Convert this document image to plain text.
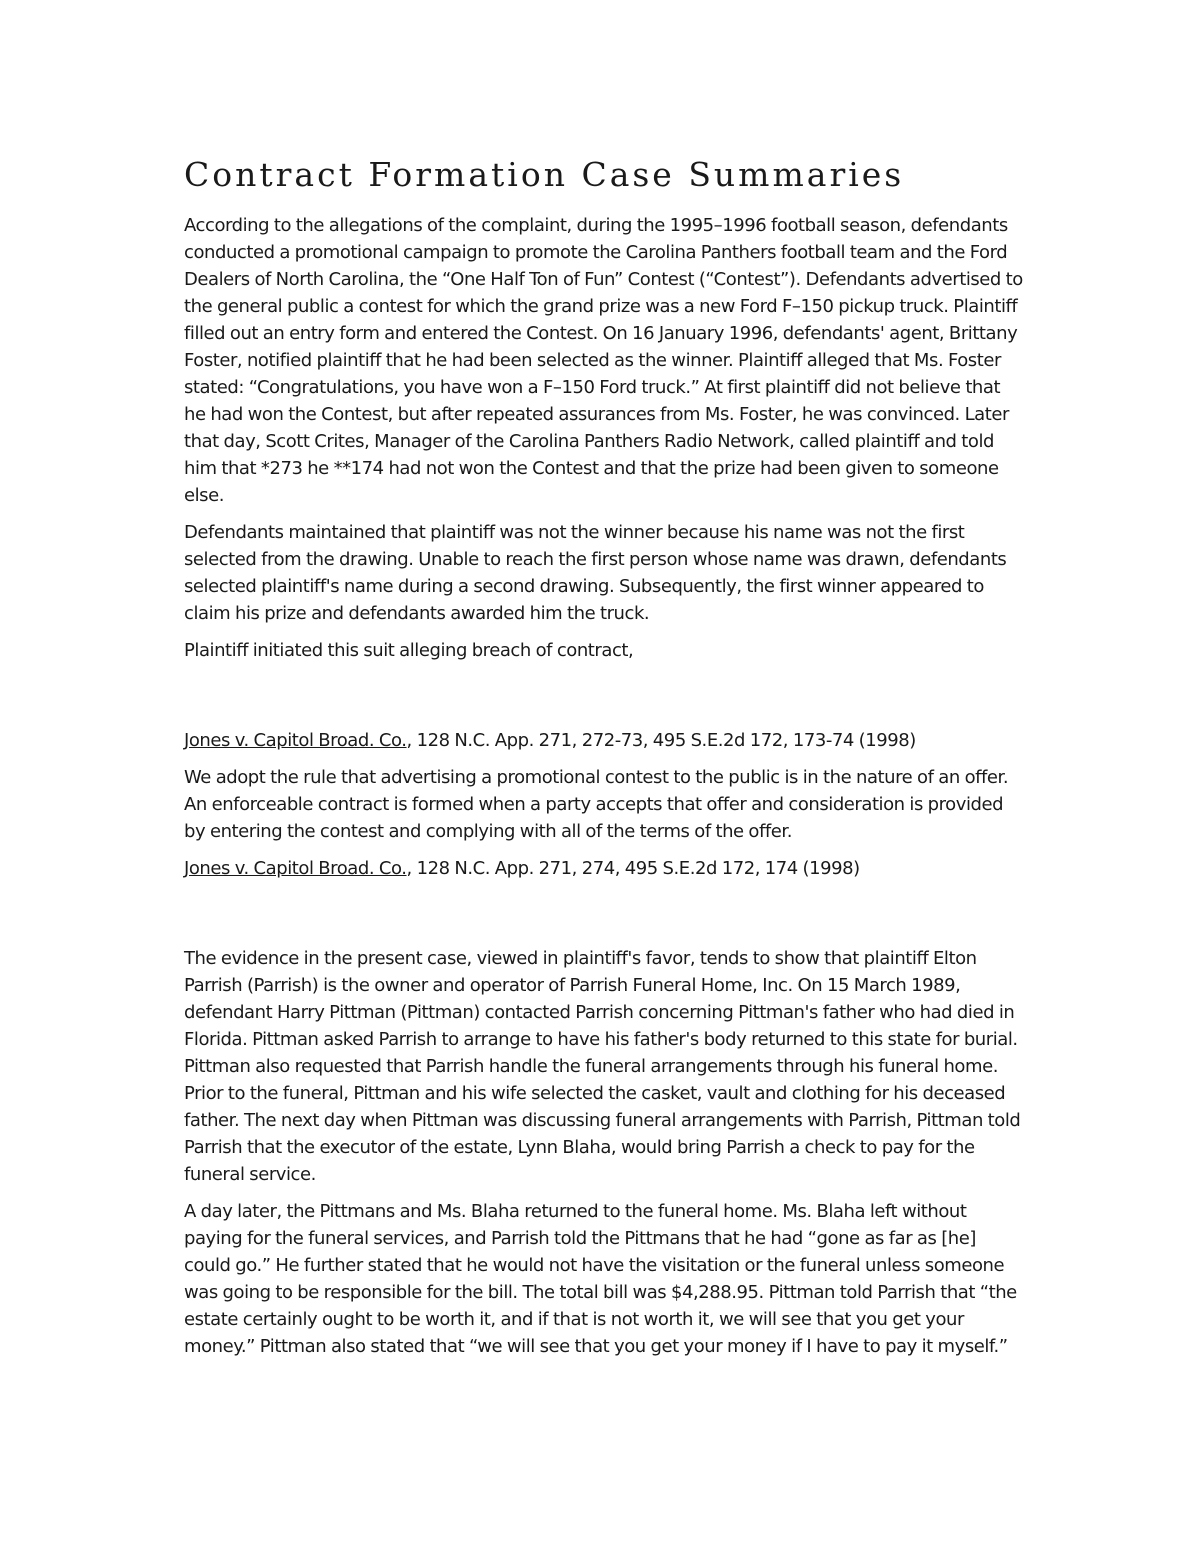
Contract Formation Case Summaries

According to the allegations of the complaint, during the 1995–1996 football season, defendants conducted a promotional campaign to promote the Carolina Panthers football team and the Ford Dealers of North Carolina, the “One Half Ton of Fun” Contest (“Contest”). Defendants advertised to the general public a contest for which the grand prize was a new Ford F–150 pickup truck. Plaintiff filled out an entry form and entered the Contest. On 16 January 1996, defendants' agent, Brittany Foster, notified plaintiff that he had been selected as the winner. Plaintiff alleged that Ms. Foster stated: “Congratulations, you have won a F–150 Ford truck.” At first plaintiff did not believe that he had won the Contest, but after repeated assurances from Ms. Foster, he was convinced. Later that day, Scott Crites, Manager of the Carolina Panthers Radio Network, called plaintiff and told him that *273 he **174 had not won the Contest and that the prize had been given to someone else.

Defendants maintained that plaintiff was not the winner because his name was not the first selected from the drawing. Unable to reach the first person whose name was drawn, defendants selected plaintiff's name during a second drawing. Subsequently, the first winner appeared to claim his prize and defendants awarded him the truck.

Plaintiff initiated this suit alleging breach of contract,

Jones v. Capitol Broad. Co., 128 N.C. App. 271, 272-73, 495 S.E.2d 172, 173-74 (1998)

We adopt the rule that advertising a promotional contest to the public is in the nature of an offer. An enforceable contract is formed when a party accepts that offer and consideration is provided by entering the contest and complying with all of the terms of the offer.

Jones v. Capitol Broad. Co., 128 N.C. App. 271, 274, 495 S.E.2d 172, 174 (1998)

The evidence in the present case, viewed in plaintiff's favor, tends to show that plaintiff Elton Parrish (Parrish) is the owner and operator of Parrish Funeral Home, Inc. On 15 March 1989, defendant Harry Pittman (Pittman) contacted Parrish concerning Pittman's father who had died in Florida. Pittman asked Parrish to arrange to have his father's body returned to this state for burial. Pittman also requested that Parrish handle the funeral arrangements through his funeral home. Prior to the funeral, Pittman and his wife selected the casket, vault and clothing for his deceased father. The next day when Pittman was discussing funeral arrangements with Parrish, Pittman told Parrish that the executor of the estate, Lynn Blaha, would bring Parrish a check to pay for the funeral service.

A day later, the Pittmans and Ms. Blaha returned to the funeral home. Ms. Blaha left without paying for the funeral services, and Parrish told the Pittmans that he had “gone as far as [he] could go.” He further stated that he would not have the visitation or the funeral unless someone was going to be responsible for the bill. The total bill was $4,288.95. Pittman told Parrish that “the estate certainly ought to be worth it, and if that is not worth it, we will see that you get your money.” Pittman also stated that “we will see that you get your money if I have to pay it myself.”
